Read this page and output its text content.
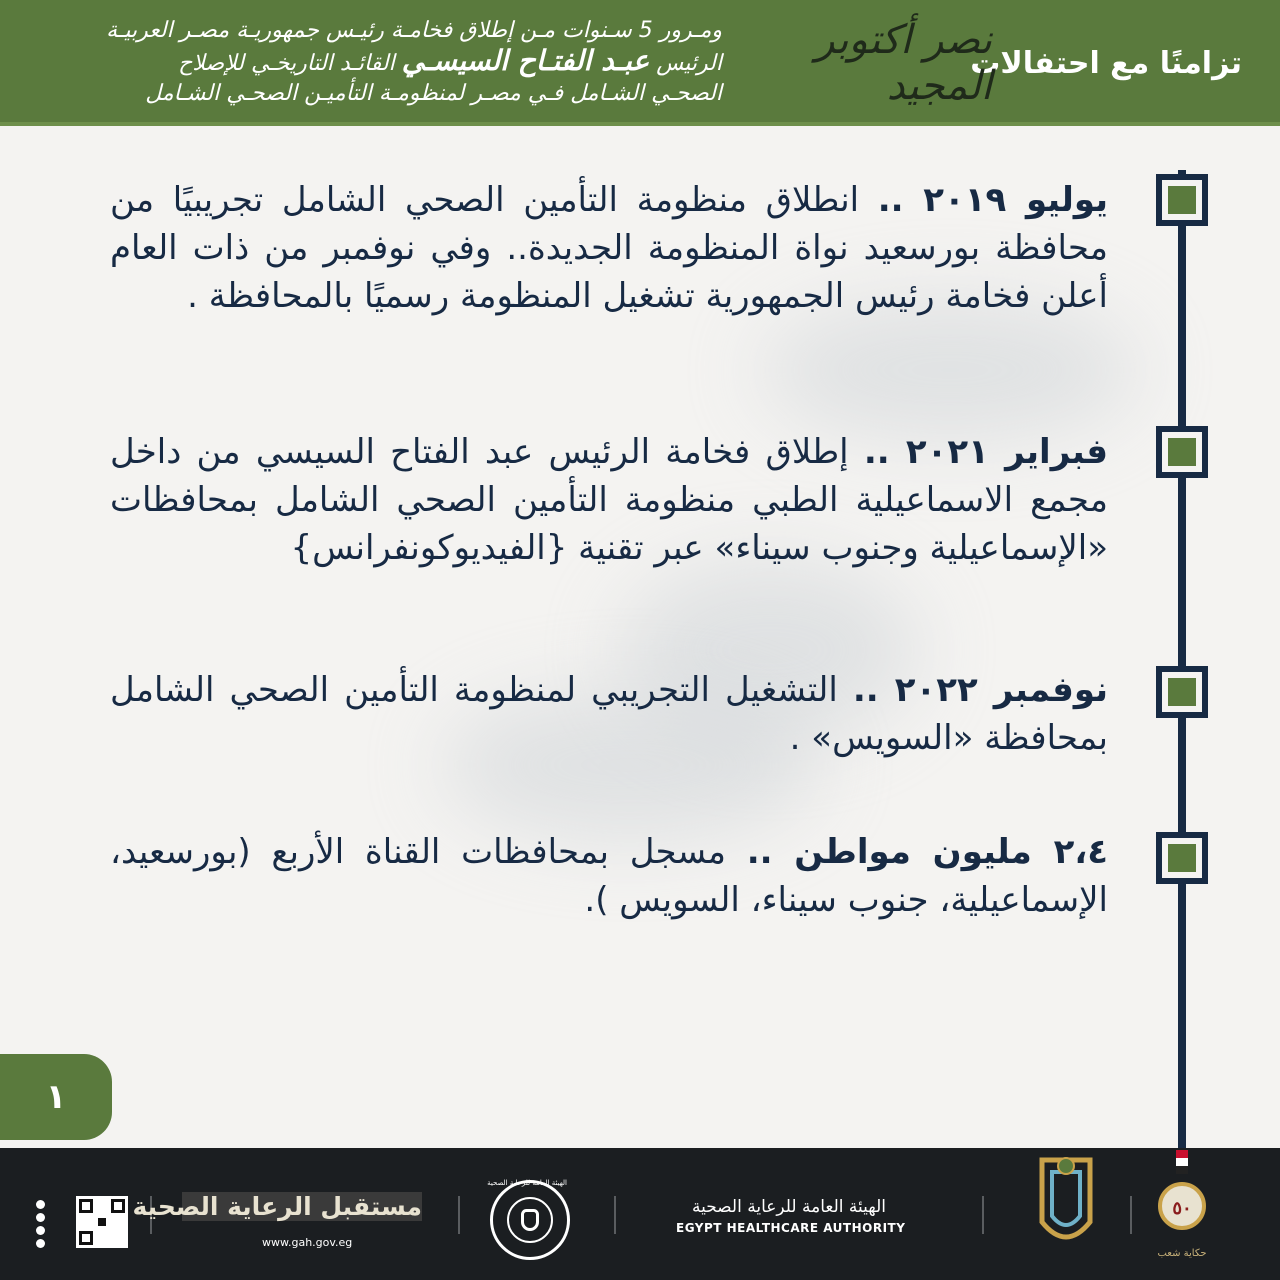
تزامنًا مع احتفالات
نصر أكتوبر المجيد
ومـرور 5 سـنوات مـن إطلاق فخامـة رئيـس جمهوريـة مصـر العربيـة
الرئيس عبـد الفتـاح السيسـي القائـد التاريخـي للإصلاح
الصحـي الشـامل فـي مصـر لمنظومـة التأميـن الصحـي الشـامل
يوليو ٢٠١٩ .. انطلاق منظومة التأمين الصحي الشامل تجريبيًا من محافظة بورسعيد نواة المنظومة الجديدة.. وفي نوفمبر من ذات العام أعلن فخامة رئيس الجمهورية تشغيل المنظومة رسميًا بالمحافظة .
فبراير ٢٠٢١ .. إطلاق فخامة الرئيس عبد الفتاح السيسي من داخل مجمع الاسماعيلية الطبي منظومة التأمين الصحي الشامل بمحافظات «الإسماعيلية وجنوب سيناء» عبر تقنية {الفيديوكونفرانس}
نوفمبر ٢٠٢٢ .. التشغيل التجريبي لمنظومة التأمين الصحي الشامل بمحافظة «السويس» .
٢،٤ مليون مواطن .. مسجل بمحافظات القناة الأربع (بورسعيد، الإسماعيلية، جنوب سيناء، السويس ).
١
مستقبل الرعاية الصحية
www.gah.gov.eg
الهيئة العامة للرعاية الصحية
الهيئة العامة للرعاية الصحية
EGYPT HEALTHCARE AUTHORITY
٥٠
حكاية شعب
